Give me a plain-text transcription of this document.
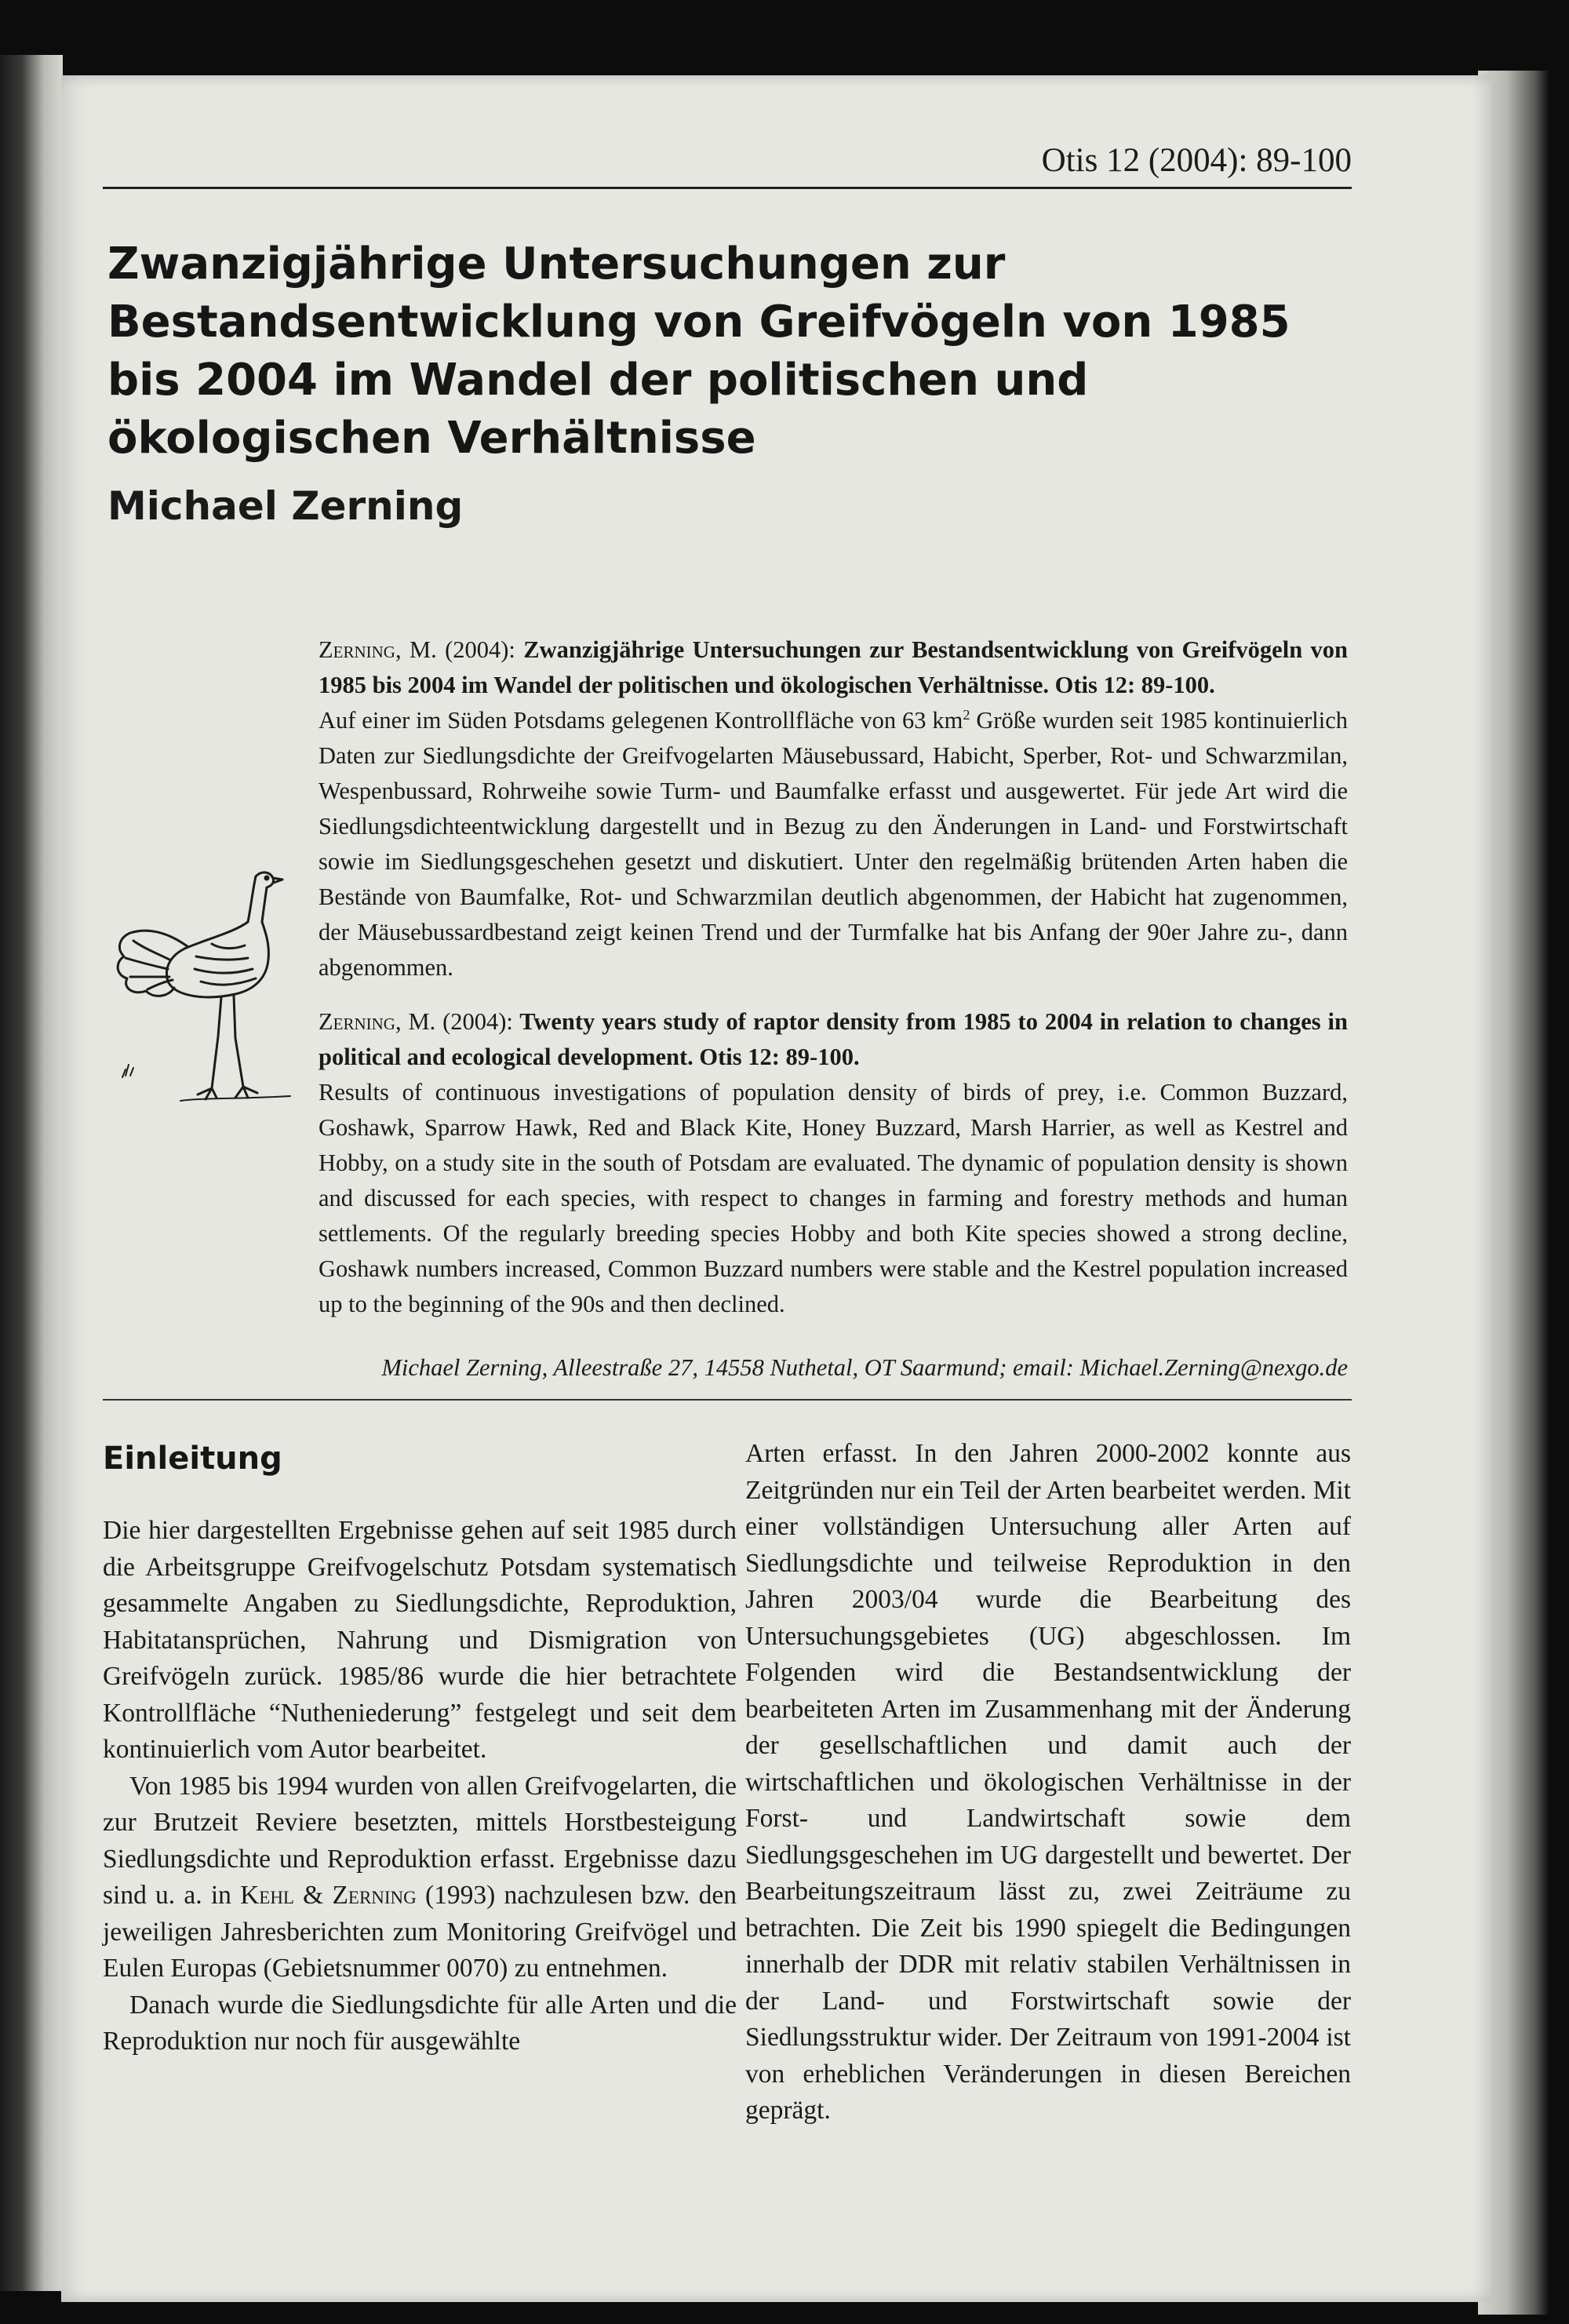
Otis 12 (2004): 89-100
Zwanzigjährige Untersuchungen zur Bestandsentwicklung von Greifvögeln von 1985 bis 2004 im Wandel der politischen und ökologischen Verhältnisse
Michael Zerning

Zerning, M. (2004): Zwanzigjährige Untersuchungen zur Bestandsentwicklung von Greifvögeln von 1985 bis 2004 im Wandel der politischen und ökologischen Verhältnisse. Otis 12: 89-100.

Auf einer im Süden Potsdams gelegenen Kontrollfläche von 63 $km^2$ Größe wurden seit 1985 kontinuierlich Daten zur Siedlungsdichte der Greifvogelarten Mäusebussard, Habicht, Sperber, Rot- und Schwarzmilan, Wespenbussard, Rohrweihe sowie Turm- und Baumfalke erfasst und ausgewertet. Für jede Art wird die Siedlungsdichteentwicklung dargestellt und in Bezug zu den Änderungen in Land- und Forstwirtschaft sowie im Siedlungsgeschehen gesetzt und diskutiert. Unter den regelmäßig brütenden Arten haben die Bestände von Baumfalke, Rot- und Schwarzmilan deutlich abgenommen, der Habicht hat zugenommen, der Mäusebussardbestand zeigt keinen Trend und der Turmfalke hat bis Anfang der 90er Jahre zu-, dann abgenommen.

Zerning, M. (2004): Twenty years study of raptor density from 1985 to 2004 in relation to changes in political and ecological development. Otis 12: 89-100.

Results of continuous investigations of population density of birds of prey, i.e. Common Buzzard, Goshawk, Sparrow Hawk, Red and Black Kite, Honey Buzzard, Marsh Harrier, as well as Kestrel and Hobby, on a study site in the south of Potsdam are evaluated. The dynamic of population density is shown and discussed for each species, with respect to changes in farming and forestry methods and human settlements. Of the regularly breeding species Hobby and both Kite species showed a strong decline, Goshawk numbers increased, Common Buzzard numbers were stable and the Kestrel population increased up to the beginning of the 90s and then declined.

Michael Zerning, Alleestraße 27, 14558 Nuthetal, OT Saarmund; email: Michael.Zerning@nexgo.de
Einleitung

Die hier dargestellten Ergebnisse gehen auf seit 1985 durch die Arbeitsgruppe Greifvogelschutz Potsdam systematisch gesammelte Angaben zu Siedlungsdichte, Reproduktion, Habitatansprüchen, Nahrung und Dismigration von Greifvögeln zurück. 1985/86 wurde die hier betrachtete Kontrollfläche “Nutheniederung” festgelegt und seit dem kontinuierlich vom Autor bearbeitet.

Von 1985 bis 1994 wurden von allen Greifvogelarten, die zur Brutzeit Reviere besetzten, mittels Horstbesteigung Siedlungsdichte und Reproduktion erfasst. Ergebnisse dazu sind u. a. in Kehl & Zerning (1993) nachzulesen bzw. den jeweiligen Jahresberichten zum Monitoring Greifvögel und Eulen Europas (Gebietsnummer 0070) zu entnehmen.

Danach wurde die Siedlungsdichte für alle Arten und die Reproduktion nur noch für ausgewählte

Arten erfasst. In den Jahren 2000-2002 konnte aus Zeitgründen nur ein Teil der Arten bearbeitet werden. Mit einer vollständigen Untersuchung aller Arten auf Siedlungsdichte und teilweise Reproduktion in den Jahren 2003/04 wurde die Bearbeitung des Untersuchungsgebietes (UG) abgeschlossen. Im Folgenden wird die Bestandsentwicklung der bearbeiteten Arten im Zusammenhang mit der Änderung der gesellschaftlichen und damit auch der wirtschaftlichen und ökologischen Verhältnisse in der Forst- und Landwirtschaft sowie dem Siedlungsgeschehen im UG dargestellt und bewertet. Der Bearbeitungszeitraum lässt zu, zwei Zeiträume zu betrachten. Die Zeit bis 1990 spiegelt die Bedingungen innerhalb der DDR mit relativ stabilen Verhältnissen in der Land- und Forstwirtschaft sowie der Siedlungsstruktur wider. Der Zeitraum von 1991-2004 ist von erheblichen Veränderungen in diesen Bereichen geprägt.
